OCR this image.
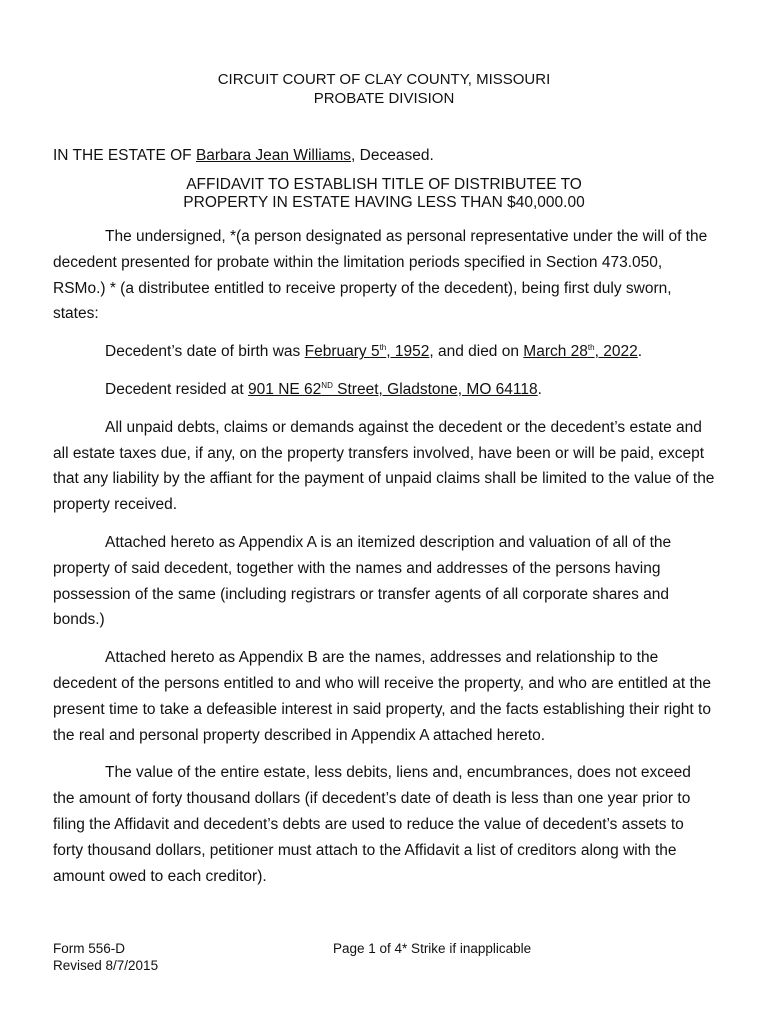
CIRCUIT COURT OF CLAY COUNTY, MISSOURI
PROBATE DIVISION
IN THE ESTATE OF Barbara Jean Williams, Deceased.
AFFIDAVIT TO ESTABLISH TITLE OF DISTRIBUTEE TO
PROPERTY IN ESTATE HAVING LESS THAN $40,000.00

The undersigned, *(a person designated as personal representative under the will of the decedent presented for probate within the limitation periods specified in Section 473.050, RSMo.) * (a distributee entitled to receive property of the decedent), being first duly sworn, states:

Decedent’s date of birth was February 5th, 1952, and died on March 28th, 2022.

Decedent resided at 901 NE 62ND Street, Gladstone, MO 64118.

All unpaid debts, claims or demands against the decedent or the decedent’s estate and all estate taxes due, if any, on the property transfers involved, have been or will be paid, except that any liability by the affiant for the payment of unpaid claims shall be limited to the value of the property received.

Attached hereto as Appendix A is an itemized description and valuation of all of the property of said decedent, together with the names and addresses of the persons having possession of the same (including registrars or transfer agents of all corporate shares and bonds.)

Attached hereto as Appendix B are the names, addresses and relationship to the decedent of the persons entitled to and who will receive the property, and who are entitled at the present time to take a defeasible interest in said property, and the facts establishing their right to the real and personal property described in Appendix A attached hereto.

The value of the entire estate, less debits, liens and, encumbrances, does not exceed the amount of forty thousand dollars (if decedent’s date of death is less than one year prior to filing the Affidavit and decedent’s debts are used to reduce the value of decedent’s assets to forty thousand dollars, petitioner must attach to the Affidavit a list of creditors along with the amount owed to each creditor).

Form 556-D
Revised 8/7/2015
Page 1 of 4* Strike if inapplicable
